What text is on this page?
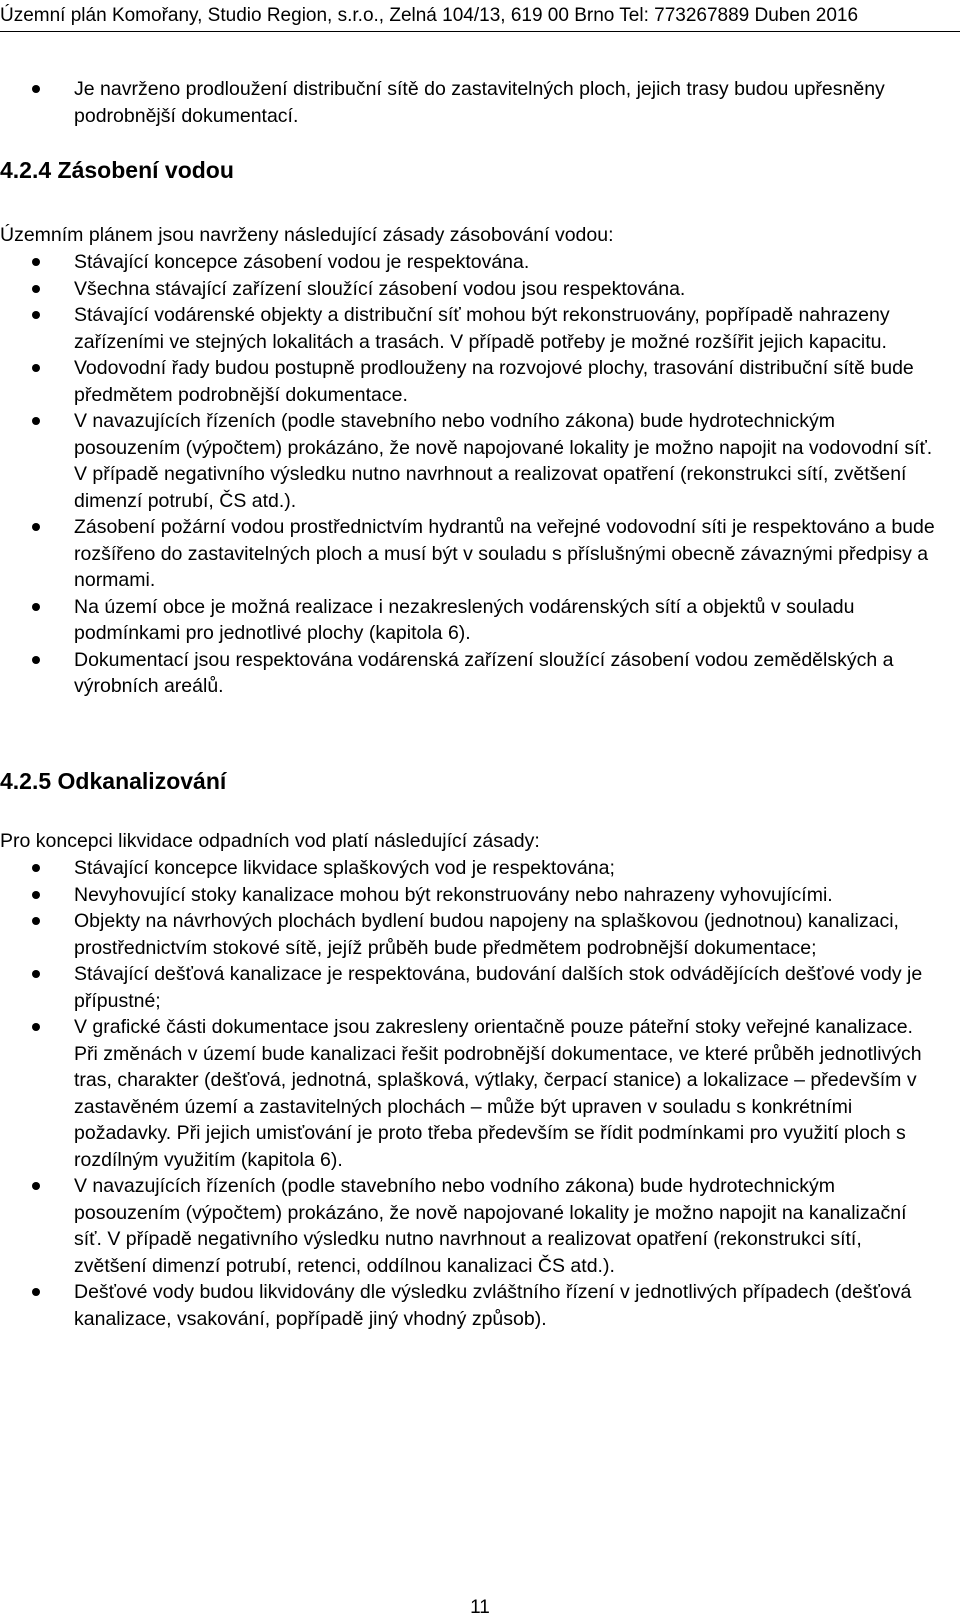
Územní plán Komořany, Studio Region, s.r.o., Zelná 104/13, 619 00 Brno Tel: 773267889 Duben 2016
Je navrženo prodloužení distribuční sítě do zastavitelných ploch, jejich trasy budou upřesněny podrobnější dokumentací.
4.2.4 Zásobení vodou

Územním plánem jsou navrženy následující zásady zásobování vodou:

Stávající koncepce zásobení vodou je respektována.
Všechna stávající zařízení sloužící zásobení vodou jsou respektována.
Stávající vodárenské objekty a distribuční síť mohou být rekonstruovány, popřípadě nahrazeny zařízeními ve stejných lokalitách a trasách. V případě potřeby je možné rozšířit jejich kapacitu.
Vodovodní řady budou postupně prodlouženy na rozvojové plochy, trasování distribuční sítě bude předmětem podrobnější dokumentace.
V navazujících řízeních (podle stavebního nebo vodního zákona) bude hydrotechnickým posouzením (výpočtem) prokázáno, že nově napojované lokality je možno napojit na vodovodní síť. V případě negativního výsledku nutno navrhnout a realizovat opatření (rekonstrukci sítí, zvětšení dimenzí potrubí, ČS atd.).
Zásobení požární vodou prostřednictvím hydrantů na veřejné vodovodní síti je respektováno a bude rozšířeno do zastavitelných ploch a musí být v souladu s příslušnými obecně závaznými předpisy a normami.
Na území obce je možná realizace i nezakreslených vodárenských sítí a objektů v souladu podmínkami pro jednotlivé plochy (kapitola 6).
Dokumentací jsou respektována vodárenská zařízení sloužící zásobení vodou zemědělských a výrobních areálů.
4.2.5 Odkanalizování

Pro koncepci likvidace odpadních vod platí následující zásady:

Stávající koncepce likvidace splaškových vod je respektována;
Nevyhovující stoky kanalizace mohou být rekonstruovány nebo nahrazeny vyhovujícími.
Objekty na návrhových plochách bydlení budou napojeny na splaškovou (jednotnou) kanalizaci, prostřednictvím stokové sítě, jejíž průběh bude předmětem podrobnější dokumentace;
Stávající dešťová kanalizace je respektována, budování dalších stok odvádějících dešťové vody je přípustné;
V grafické části dokumentace jsou zakresleny orientačně pouze páteřní stoky veřejné kanalizace. Při změnách v území bude kanalizaci řešit podrobnější dokumentace, ve které průběh jednotlivých tras, charakter (dešťová, jednotná, splašková, výtlaky, čerpací stanice) a lokalizace – především v zastavěném území a zastavitelných plochách – může být upraven v souladu s konkrétními požadavky. Při jejich umisťování je proto třeba především se řídit podmínkami pro využití ploch s rozdílným využitím (kapitola 6).
V navazujících řízeních (podle stavebního nebo vodního zákona) bude hydrotechnickým posouzením (výpočtem) prokázáno, že nově napojované lokality je možno napojit na kanalizační síť. V případě negativního výsledku nutno navrhnout a realizovat opatření (rekonstrukci sítí, zvětšení dimenzí potrubí, retenci, oddílnou kanalizaci ČS atd.).
Dešťové vody budou likvidovány dle výsledku zvláštního řízení v jednotlivých případech (dešťová kanalizace, vsakování, popřípadě jiný vhodný způsob).
11
